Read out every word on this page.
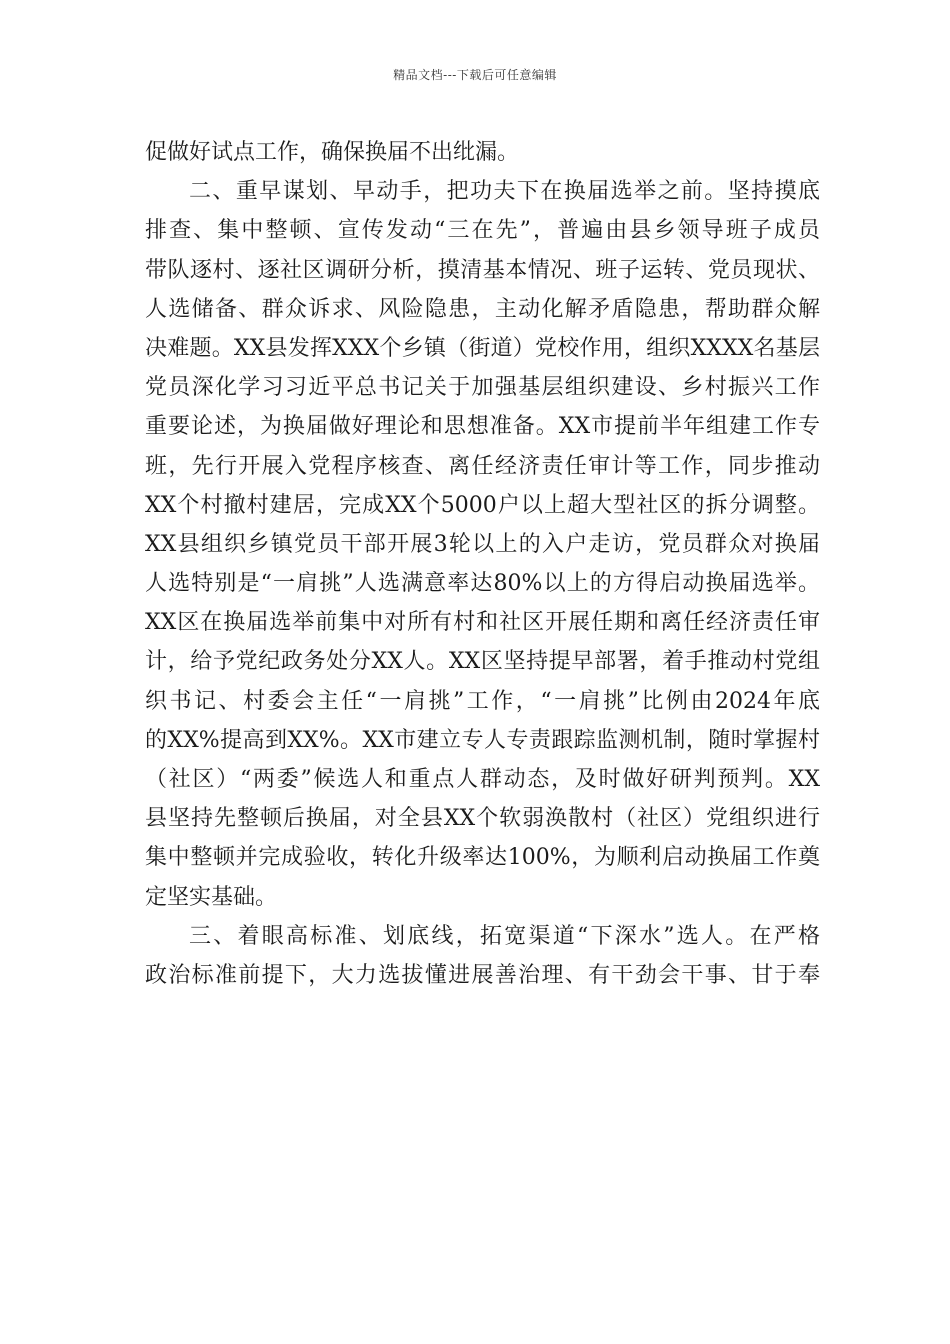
精品文档---下载后可任意编辑
促做好试点工作，确保换届不出纰漏。
二、重早谋划、早动手，把功夫下在换届选举之前。坚持摸底
排查、集中整顿、宣传发动“三在先”，普遍由县乡领导班子成员
带队逐村、逐社区调研分析，摸清基本情况、班子运转、党员现状、
人选储备、群众诉求、风险隐患，主动化解矛盾隐患，帮助群众解
决难题。XX县发挥XXX个乡镇（街道）党校作用，组织XXXX名基层
党员深化学习习近平总书记关于加强基层组织建设、乡村振兴工作
重要论述，为换届做好理论和思想准备。XX市提前半年组建工作专
班，先行开展入党程序核查、离任经济责任审计等工作，同步推动
XX个村撤村建居，完成XX个5000户以上超大型社区的拆分调整。
XX县组织乡镇党员干部开展3轮以上的入户走访，党员群众对换届
人选特别是“一肩挑”人选满意率达80%以上的方得启动换届选举。
XX区在换届选举前集中对所有村和社区开展任期和离任经济责任审
计，给予党纪政务处分XX人。XX区坚持提早部署，着手推动村党组
织书记、村委会主任“一肩挑”工作，“一肩挑”比例由2024年底
的XX%提高到XX%。XX市建立专人专责跟踪监测机制，随时掌握村
（社区）“两委”候选人和重点人群动态，及时做好研判预判。XX
县坚持先整顿后换届，对全县XX个软弱涣散村（社区）党组织进行
集中整顿并完成验收，转化升级率达100%，为顺利启动换届工作奠
定坚实基础。
三、着眼高标准、划底线，拓宽渠道“下深水”选人。在严格
政治标准前提下，大力选拔懂进展善治理、有干劲会干事、甘于奉
